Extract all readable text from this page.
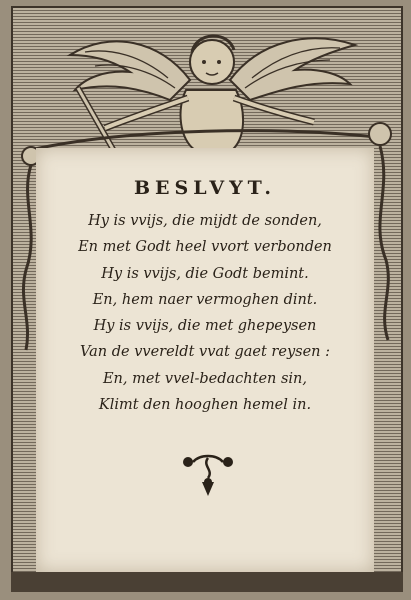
BESLVYT.
Hy is vvijs, die mijdt de sonden,
En met Godt heel vvort verbonden
Hy is vvijs, die Godt bemint.
En, hem naer vermoghen dint.
Hy is vvijs, die met ghepeysen
Van de vvereldt vvat gaet reysen :
En, met vvel-bedachten sin,
Klimt den hooghen hemel in.
